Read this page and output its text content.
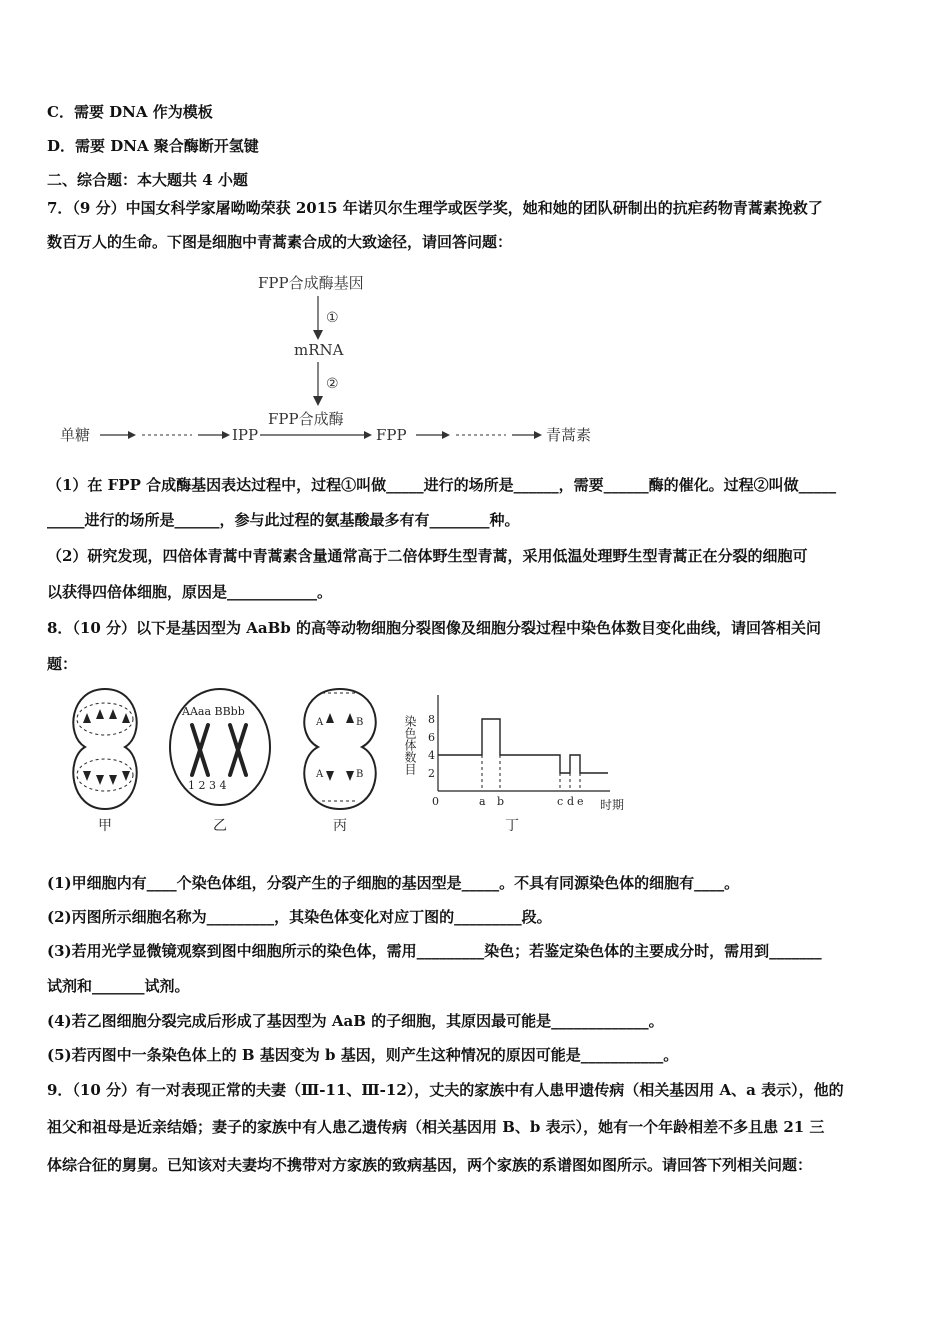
C．需要 DNA 作为模板
D．需要 DNA 聚合酶断开氢键
二、综合题：本大题共 4 小题
7．（9 分）中国女科学家屠呦呦荣获 2015 年诺贝尔生理学或医学奖，她和她的团队研制出的抗疟药物青蒿素挽救了
数百万人的生命。下图是细胞中青蒿素合成的大致途径，请回答问题：
FPP合成酶基因
①
mRNA
②
FPP合成酶
单糖	IPP	FPP	青蒿素
（1）在 FPP 合成酶基因表达过程中，过程①叫做_____进行的场所是______，需要______酶的催化。过程②叫做_____
_____进行的场所是______，参与此过程的氨基酸最多有有________种。
（2）研究发现，四倍体青蒿中青蒿素含量通常高于二倍体野生型青蒿，采用低温处理野生型青蒿正在分裂的细胞可
以获得四倍体细胞，原因是____________。
8．（10 分）以下是基因型为 AaBb 的高等动物细胞分裂图像及细胞分裂过程中染色体数目变化曲线，请回答相关问
题：
甲
AAaa BBbb
1 2 3 4
乙
A	B
A	B
丙
染色体数目 8
6
4
2
0	a b	c d e 时期
丁
(1)甲细胞内有____个染色体组，分裂产生的子细胞的基因型是_____。不具有同源染色体的细胞有____。
(2)丙图所示细胞名称为_________，其染色体变化对应丁图的_________段。
(3)若用光学显微镜观察到图中细胞所示的染色体，需用_________染色；若鉴定染色体的主要成分时，需用到_______
试剂和_______试剂。
(4)若乙图细胞分裂完成后形成了基因型为 AaB 的子细胞，其原因最可能是_____________。
(5)若丙图中一条染色体上的 B 基因变为 b 基因，则产生这种情况的原因可能是___________。
9．（10 分）有一对表现正常的夫妻（Ⅲ-11、Ⅲ-12），丈夫的家族中有人患甲遗传病（相关基因用 A、a 表示），他的
祖父和祖母是近亲结婚；妻子的家族中有人患乙遗传病（相关基因用 B、b 表示），她有一个年龄相差不多且患 21 三
体综合征的舅舅。已知该对夫妻均不携带对方家族的致病基因，两个家族的系谱图如图所示。请回答下列相关问题：
